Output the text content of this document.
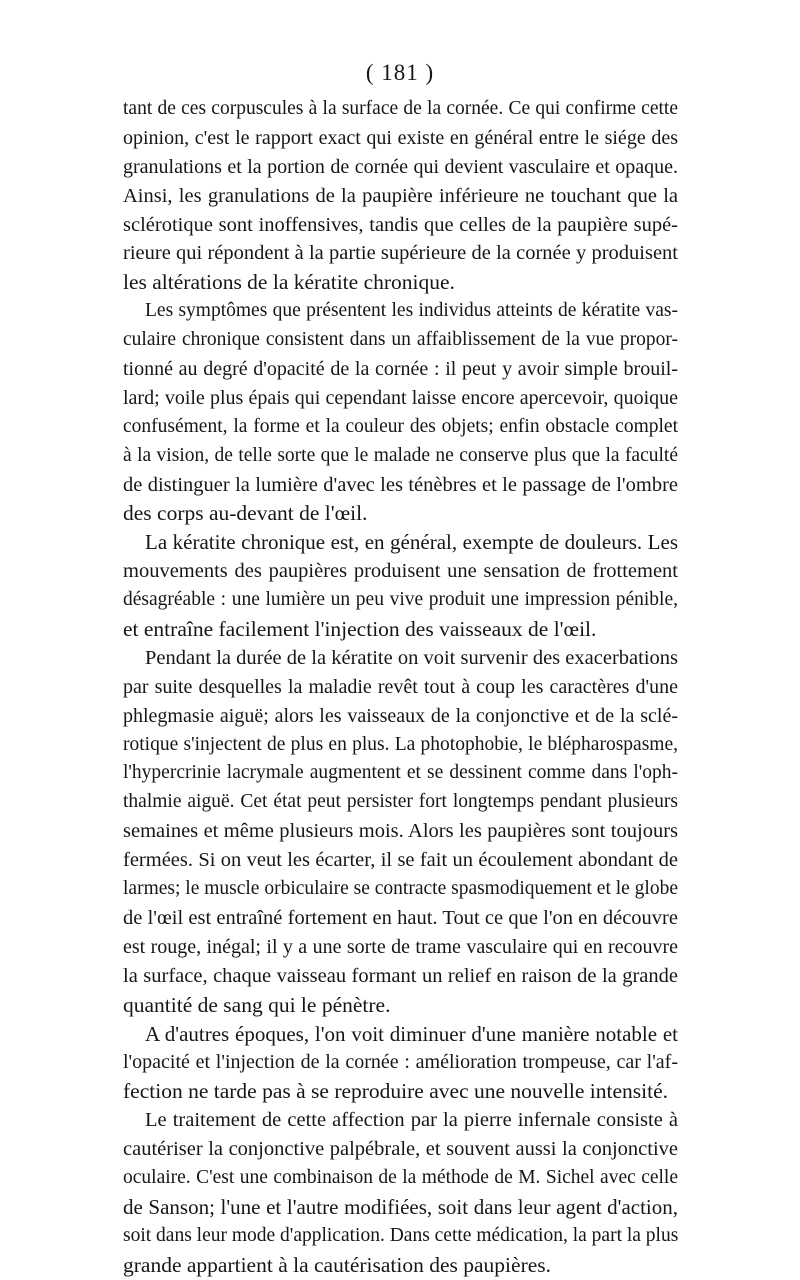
( 181 )
tant de ces corpuscules à la surface de la cornée. Ce qui confirme cette
opinion, c'est le rapport exact qui existe en général entre le siége des
granulations et la portion de cornée qui devient vasculaire et opaque.
Ainsi, les granulations de la paupière inférieure ne touchant que la
sclérotique sont inoffensives, tandis que celles de la paupière supé-
rieure qui répondent à la partie supérieure de la cornée y produisent
les altérations de la kératite chronique.
Les symptômes que présentent les individus atteints de kératite vas-
culaire chronique consistent dans un affaiblissement de la vue propor-
tionné au degré d'opacité de la cornée : il peut y avoir simple brouil-
lard; voile plus épais qui cependant laisse encore apercevoir, quoique
confusément, la forme et la couleur des objets; enfin obstacle complet
à la vision, de telle sorte que le malade ne conserve plus que la faculté
de distinguer la lumière d'avec les ténèbres et le passage de l'ombre
des corps au-devant de l'œil.
La kératite chronique est, en général, exempte de douleurs. Les
mouvements des paupières produisent une sensation de frottement
désagréable : une lumière un peu vive produit une impression pénible,
et entraîne facilement l'injection des vaisseaux de l'œil.
Pendant la durée de la kératite on voit survenir des exacerbations
par suite desquelles la maladie revêt tout à coup les caractères d'une
phlegmasie aiguë; alors les vaisseaux de la conjonctive et de la sclé-
rotique s'injectent de plus en plus. La photophobie, le blépharospasme,
l'hypercrinie lacrymale augmentent et se dessinent comme dans l'oph-
thalmie aiguë. Cet état peut persister fort longtemps pendant plusieurs
semaines et même plusieurs mois. Alors les paupières sont toujours
fermées. Si on veut les écarter, il se fait un écoulement abondant de
larmes; le muscle orbiculaire se contracte spasmodiquement et le globe
de l'œil est entraîné fortement en haut. Tout ce que l'on en découvre
est rouge, inégal; il y a une sorte de trame vasculaire qui en recouvre
la surface, chaque vaisseau formant un relief en raison de la grande
quantité de sang qui le pénètre.
A d'autres époques, l'on voit diminuer d'une manière notable et
l'opacité et l'injection de la cornée : amélioration trompeuse, car l'af-
fection ne tarde pas à se reproduire avec une nouvelle intensité.
Le traitement de cette affection par la pierre infernale consiste à
cautériser la conjonctive palpébrale, et souvent aussi la conjonctive
oculaire. C'est une combinaison de la méthode de M. Sichel avec celle
de Sanson; l'une et l'autre modifiées, soit dans leur agent d'action,
soit dans leur mode d'application. Dans cette médication, la part la plus
grande appartient à la cautérisation des paupières.
